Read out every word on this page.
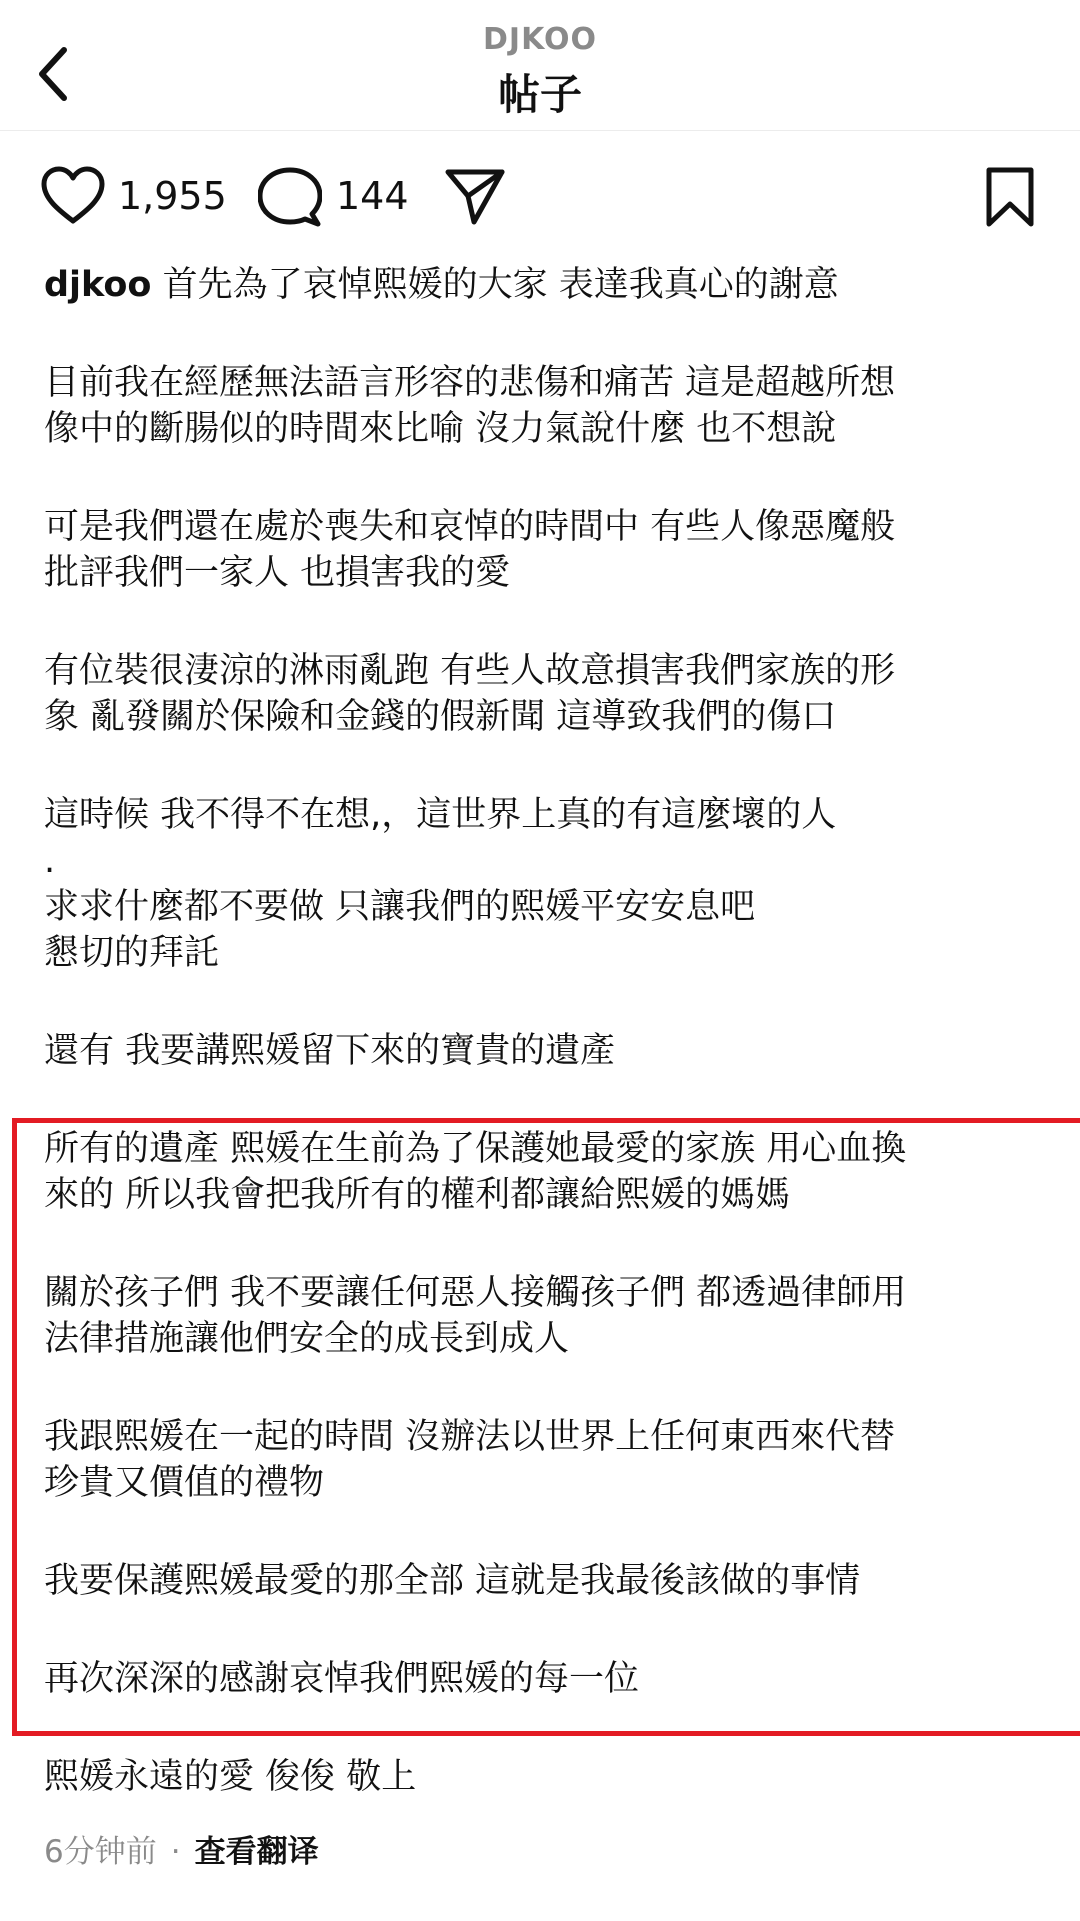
DJKOO
帖子
1,955	144
djkoo 首先為了哀悼熙媛的大家 表達我真心的謝意
目前我在經歷無法語言形容的悲傷和痛苦 這是超越所想
像中的斷腸似的時間來比喻 沒力氣說什麼 也不想說
可是我們還在處於喪失和哀悼的時間中 有些人像惡魔般
批評我們一家人 也損害我的愛
有位裝很淒涼的淋雨亂跑 有些人故意損害我們家族的形
象 亂發關於保險和金錢的假新聞 這導致我們的傷口
這時候 我不得不在想,，這世界上真的有這麼壞的人
.
求求什麼都不要做 只讓我們的熙媛平安安息吧
懇切的拜託
還有 我要講熙媛留下來的寶貴的遺產
所有的遺產 熙媛在生前為了保護她最愛的家族 用心血換
來的 所以我會把我所有的權利都讓給熙媛的媽媽
關於孩子們 我不要讓任何惡人接觸孩子們 都透過律師用
法律措施讓他們安全的成長到成人
我跟熙媛在一起的時間 沒辦法以世界上任何東西來代替
珍貴又價值的禮物
我要保護熙媛最愛的那全部 這就是我最後該做的事情
再次深深的感謝哀悼我們熙媛的每一位
熙媛永遠的愛 俊俊 敬上
6分钟前 · 查看翻译
